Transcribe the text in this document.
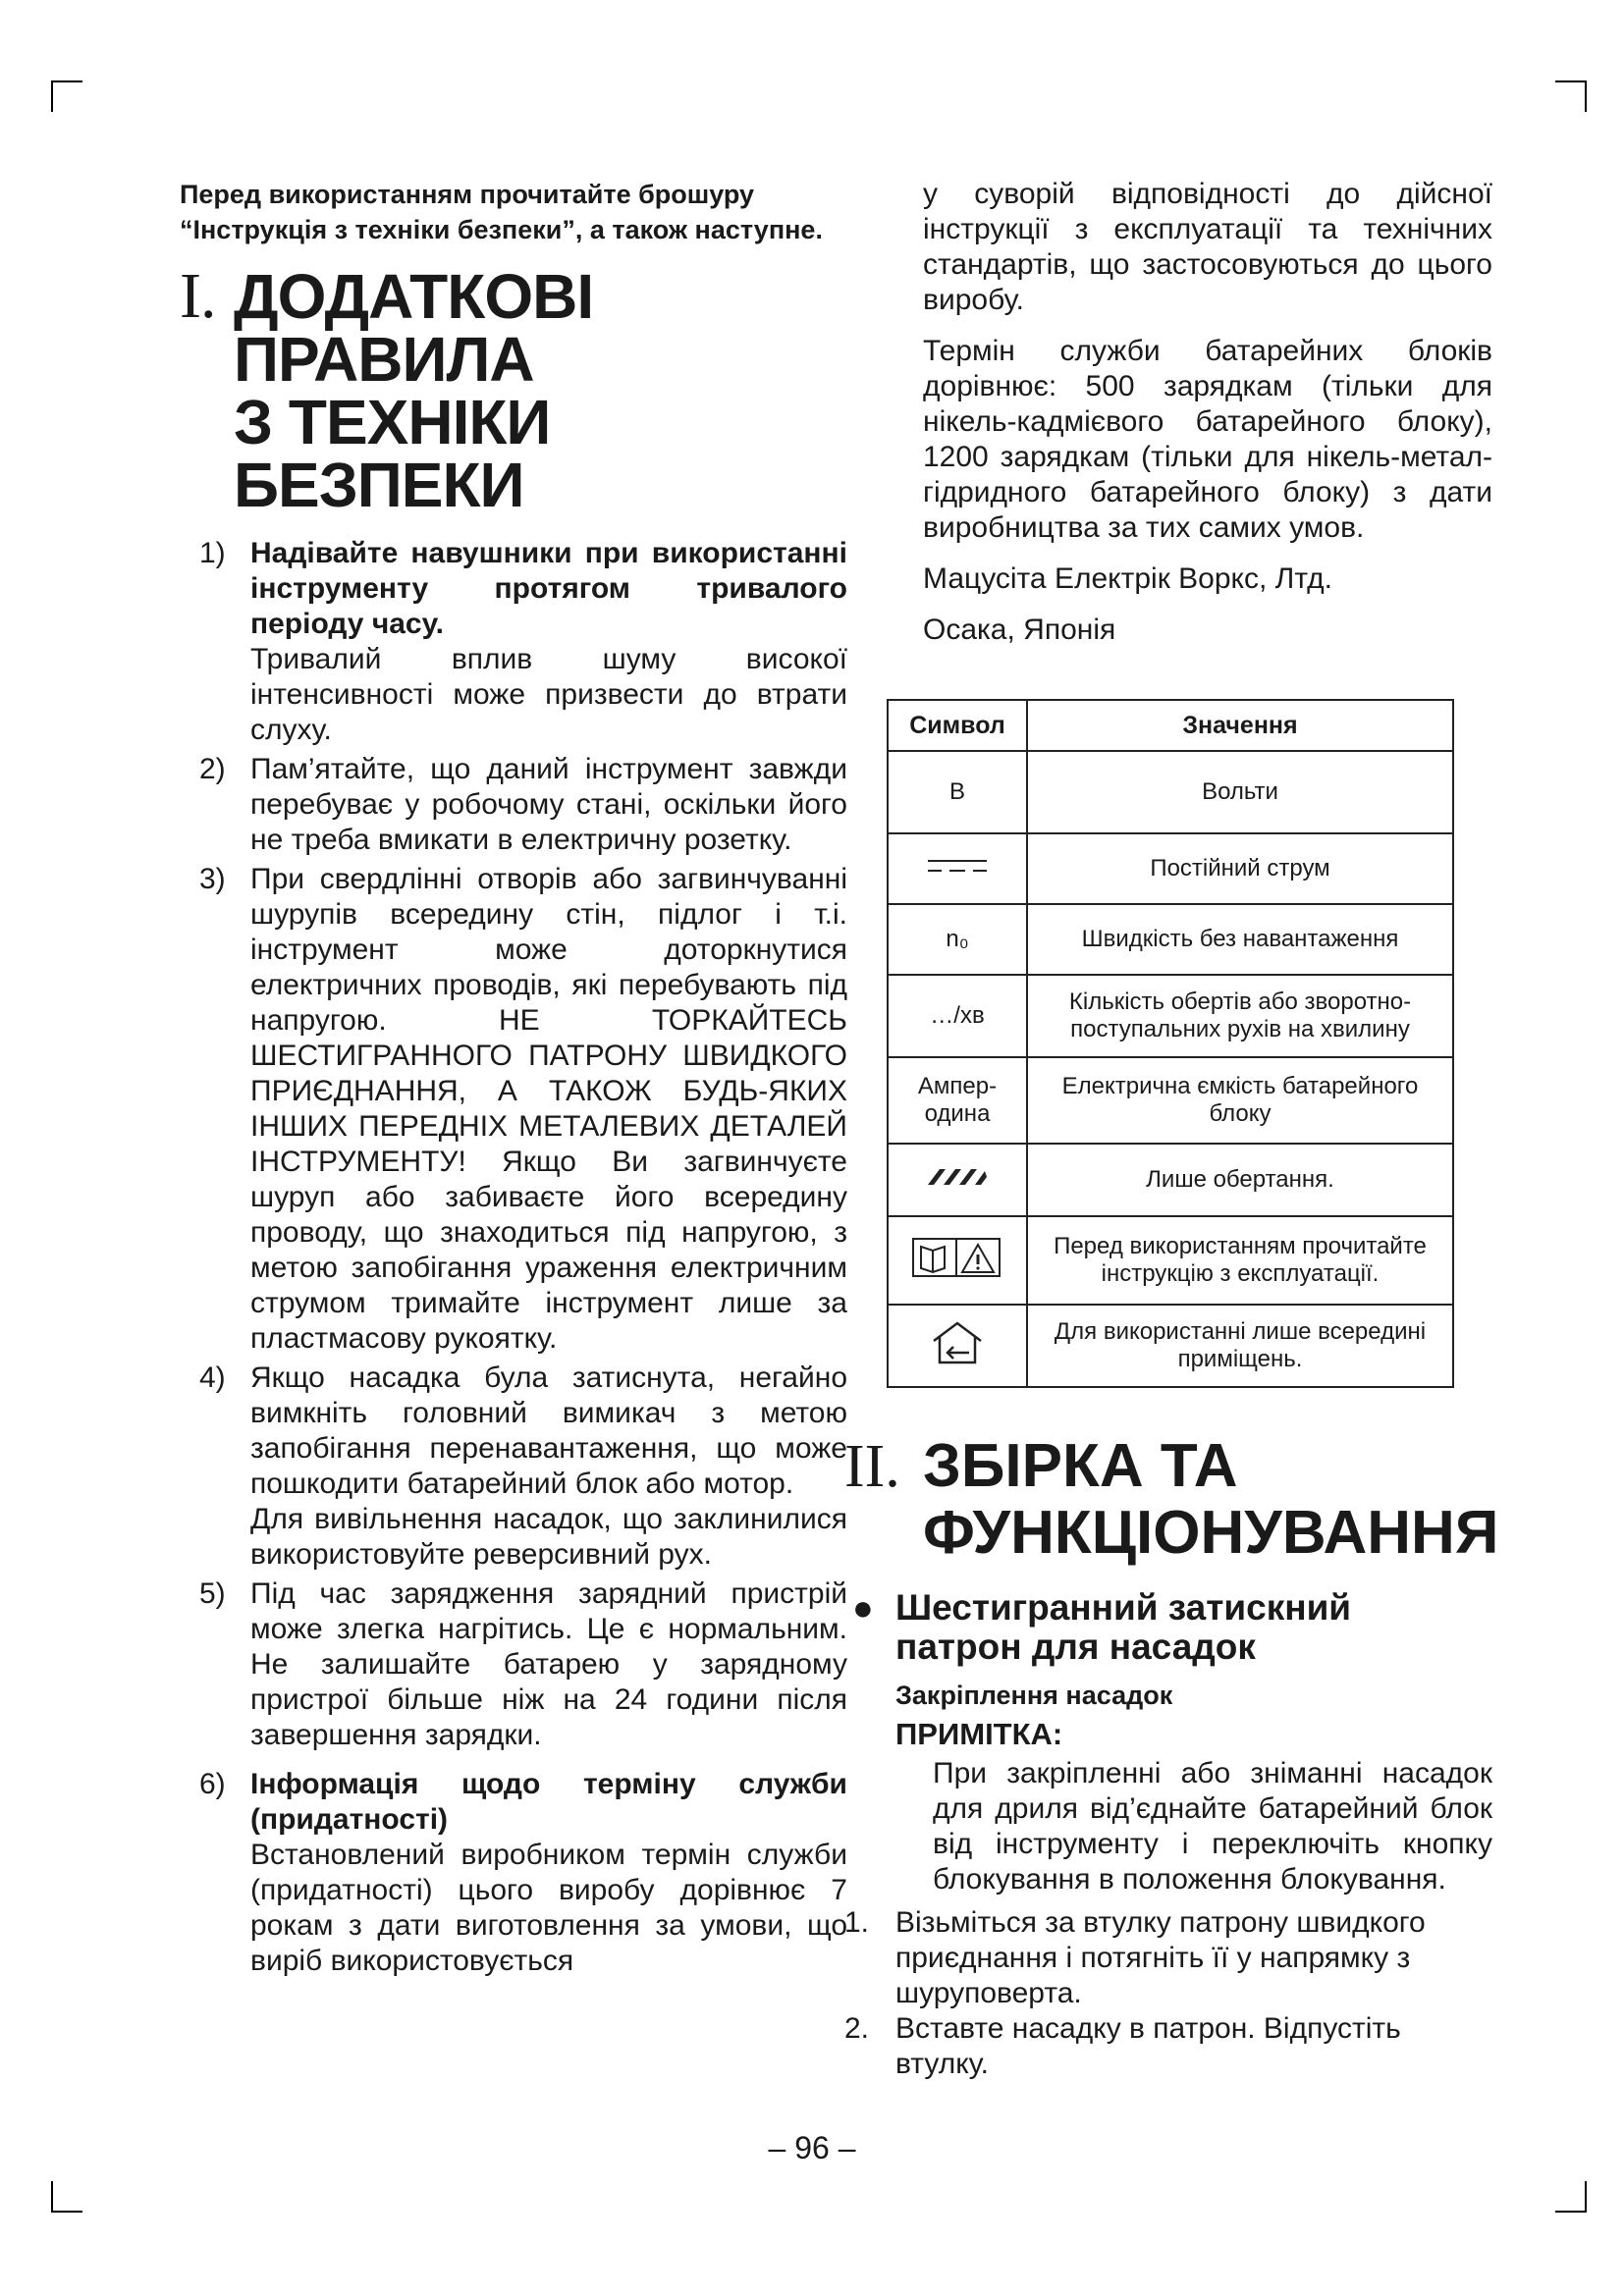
Перед використанням прочитайте брошуру

“Інструкція з техніки безпеки”, а також наступне.

I. ДОДАТКОВІ ПРАВИЛА
З ТЕХНІКИ БЕЗПЕКИ
1) Надівайте навушники при використанні інструменту протягом тривалого періоду часу.

Тривалий вплив шуму високої інтенсивності може призвести до втрати слуху.

2) Пам’ятайте, що даний інструмент завжди перебуває у робочому стані, оскільки його не треба вмикати в електричну розетку.

3) При свердлінні отворів або загвинчуванні шурупів всередину стін, підлог і т.і. інструмент може доторкнутися електричних проводів, які перебувають під напругою. НЕ ТОРКАЙТЕСЬ ШЕСТИГРАННОГО ПАТРОНУ ШВИДКОГО ПРИЄДНАННЯ, А ТАКОЖ БУДЬ-ЯКИХ ІНШИХ ПЕРЕДНІХ МЕТАЛЕВИХ ДЕТАЛЕЙ ІНСТРУМЕНТУ! Якщо Ви загвинчуєте шуруп або забиваєте його всередину проводу, що знаходиться під напругою, з метою запобігання ураження електричним струмом тримайте інструмент лише за пластмасову рукоятку.

4) Якщо насадка була затиснута, негайно вимкніть головний вимикач з метою запобігання перенавантаження, що може пошкодити батарейний блок або мотор.

Для вивільнення насадок, що заклинилися використовуйте реверсивний рух.

5) Під час зарядження зарядний пристрій може злегка нагрітись. Це є нормальним. Не залишайте батарею у зарядному пристрої більше ніж на 24 години після завершення зарядки.

6) Інформація щодо терміну служби (придатності)

Встановлений виробником термін служби (придатності) цього виробу дорівнює 7 рокам з дати виготовлення за умови, що виріб використовується

у суворій відповідності до дійсної інструкції з експлуатації та технічних стандартів, що застосовуються до цього виробу.

Термін служби батарейних блоків дорівнює: 500 зарядкам (тільки для нікель-кадмієвого батарейного блоку), 1200 зарядкам (тільки для нікель-метал-гідридного батарейного блоку) з дати виробництва за тих самих умов.

Мацусіта Електрік Воркс, Лтд.

Осака, Японія

Символ	Значення
В	Вольти
	Постійний струм
n₀	Швидкість без навантаження
…/хв	Кількість обертів або зворотно-поступальних рухів на хвилину
Ампер-одина	Електрична ємкість батарейного блоку
	Лише обертання.
	Перед використанням прочитайте інструкцію з експлуатації.
	Для використанні лише всередині приміщень.
II. ЗБІРКА ТА
ФУНКЦІОНУВАННЯ
● Шестигранний затискний патрон для насадок
Закріплення насадок
ПРИМІТКА:

При закріпленні або зніманні насадок для дриля від’єднайте батарейний блок від інструменту і переключіть кнопку блокування в положення блокування.

1. Візьміться за втулку патрону швидкого приєднання і потягніть її у напрямку з шуруповерта.
2. Вставте насадку в патрон. Відпустіть втулку.
– 96 –
